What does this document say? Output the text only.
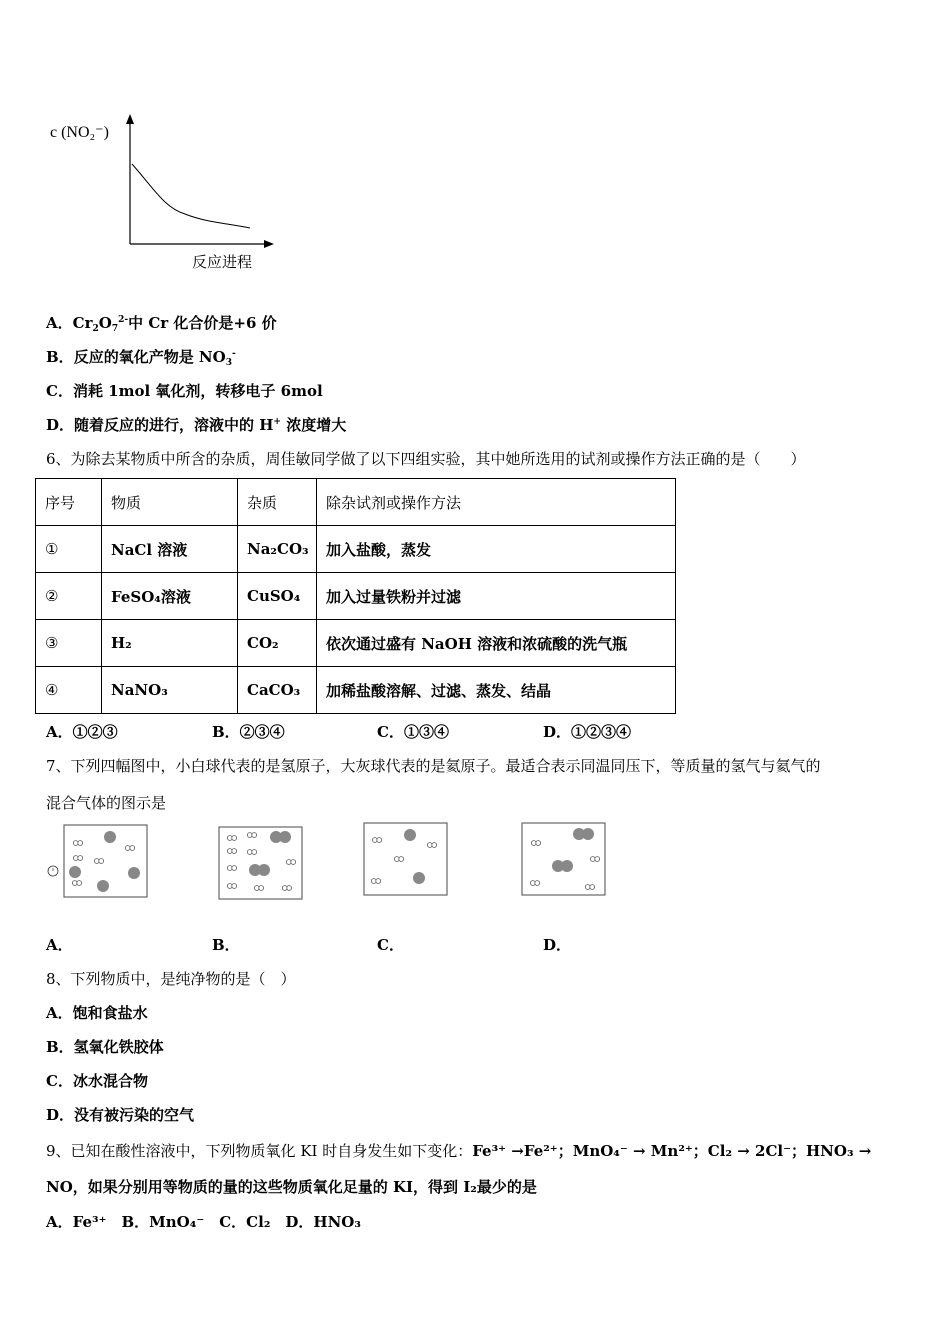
c (NO₂⁻)
反应进程
A．$Cr_2O_7^{2-}$中 Cr 化合价是+6 价
B．反应的氧化产物是 $NO_3^-$
C．消耗 1mol 氧化剂，转移电子 6mol
D．随着反应的进行，溶液中的 H+ 浓度增大
6、为除去某物质中所含的杂质，周佳敏同学做了以下四组实验，其中她所选用的试剂或操作方法正确的是（　　）
序号	物质	杂质	除杂试剂或操作方法
①	NaCl 溶液	Na₂CO₃	加入盐酸，蒸发
②	FeSO₄溶液	CuSO₄	加入过量铁粉并过滤
③	H₂	CO₂	依次通过盛有 NaOH 溶液和浓硫酸的洗气瓶
④	NaNO₃	CaCO₃	加稀盐酸溶解、过滤、蒸发、结晶
A．①②③	B．②③④	C．①③④	D．①②③④
7、下列四幅图中，小白球代表的是氢原子，大灰球代表的是氦原子。最适合表示同温同压下，等质量的氢气与氦气的
混合气体的图示是
A．	B．	C．	D．
8、下列物质中，是纯净物的是（　）
A．饱和食盐水
B．氢氧化铁胶体
C．冰水混合物
D．没有被污染的空气
9、已知在酸性溶液中，下列物质氧化 KI 时自身发生如下变化：Fe³⁺ →Fe²⁺；MnO₄⁻ → Mn²⁺；Cl₂ → 2Cl⁻；HNO₃ →
NO，如果分别用等物质的量的这些物质氧化足量的 KI，得到 I₂最少的是
A．Fe³⁺　B．MnO₄⁻　C．Cl₂　D．HNO₃
